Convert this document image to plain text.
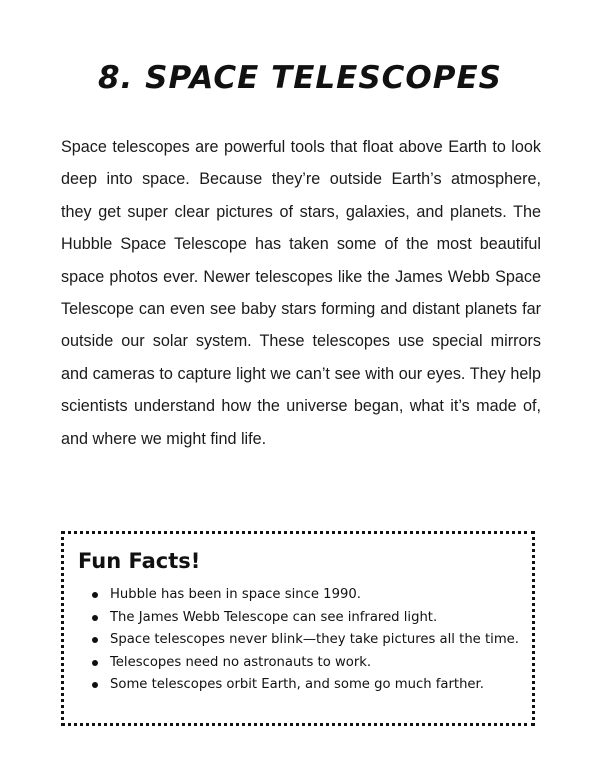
8. SPACE TELESCOPES

Space telescopes are powerful tools that float above Earth to look deep into space. Because they’re outside Earth’s atmosphere, they get super clear pictures of stars, galaxies, and planets. The Hubble Space Telescope has taken some of the most beautiful space photos ever. Newer telescopes like the James Webb Space Telescope can even see baby stars forming and distant planets far outside our solar system. These telescopes use special mirrors and cameras to capture light we can’t see with our eyes. They help scientists understand how the universe began, what it’s made of, and where we might find life.

Fun Facts!
Hubble has been in space since 1990.
The James Webb Telescope can see infrared light.
Space telescopes never blink—they take pictures all the time.
Telescopes need no astronauts to work.
Some telescopes orbit Earth, and some go much farther.
